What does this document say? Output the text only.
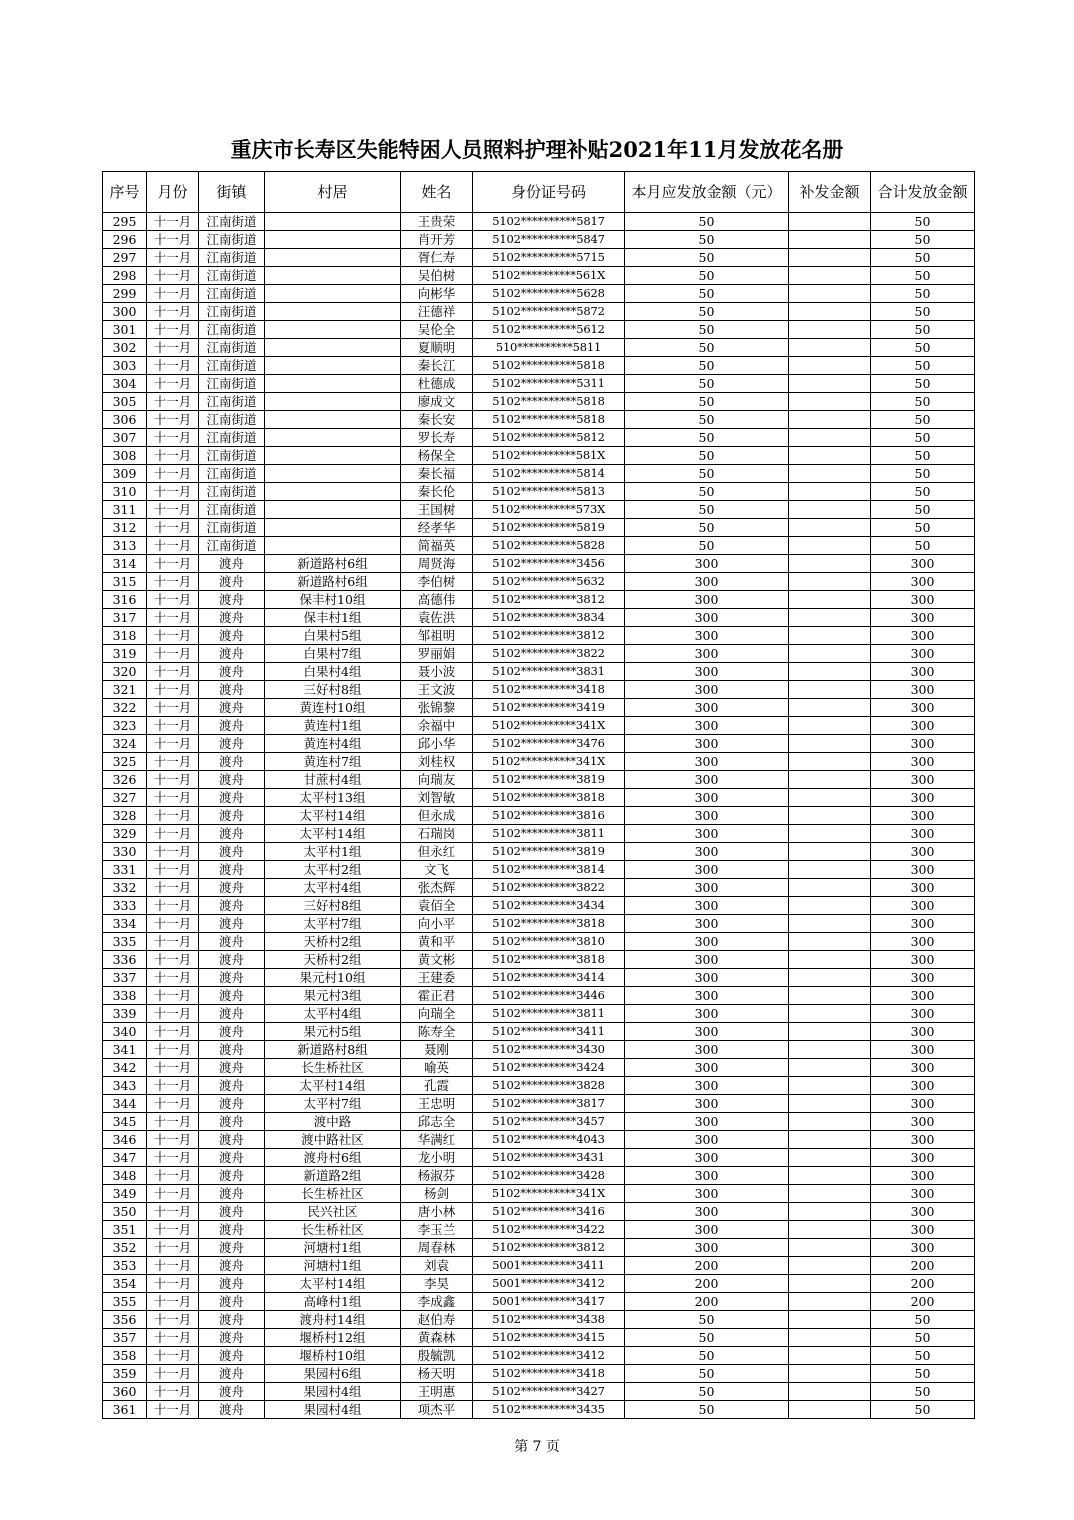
重庆市长寿区失能特困人员照料护理补贴2021年11月发放花名册
序号	月份	街镇	村居	姓名	身份证号码	本月应发放金额（元）	补发金额	合计发放金额
295	十一月	江南街道		王贵荣	5102**********5817	50		50
296	十一月	江南街道		肖开芳	5102**********5847	50		50
297	十一月	江南街道		胥仁寿	5102**********5715	50		50
298	十一月	江南街道		吴伯树	5102**********561X	50		50
299	十一月	江南街道		向彬华	5102**********5628	50		50
300	十一月	江南街道		汪德祥	5102**********5872	50		50
301	十一月	江南街道		吴伦全	5102**********5612	50		50
302	十一月	江南街道		夏顺明	510**********5811	50		50
303	十一月	江南街道		秦长江	5102**********5818	50		50
304	十一月	江南街道		杜德成	5102**********5311	50		50
305	十一月	江南街道		廖成文	5102**********5818	50		50
306	十一月	江南街道		秦长安	5102**********5818	50		50
307	十一月	江南街道		罗长寿	5102**********5812	50		50
308	十一月	江南街道		杨保全	5102**********581X	50		50
309	十一月	江南街道		秦长福	5102**********5814	50		50
310	十一月	江南街道		秦长伦	5102**********5813	50		50
311	十一月	江南街道		王国树	5102**********573X	50		50
312	十一月	江南街道		经孝华	5102**********5819	50		50
313	十一月	江南街道		简福英	5102**********5828	50		50
314	十一月	渡舟	新道路村6组	周贤海	5102**********3456	300		300
315	十一月	渡舟	新道路村6组	李伯树	5102**********5632	300		300
316	十一月	渡舟	保丰村10组	高德伟	5102**********3812	300		300
317	十一月	渡舟	保丰村1组	袁佐洪	5102**********3834	300		300
318	十一月	渡舟	白果村5组	邹祖明	5102**********3812	300		300
319	十一月	渡舟	白果村7组	罗丽娟	5102**********3822	300		300
320	十一月	渡舟	白果村4组	聂小波	5102**********3831	300		300
321	十一月	渡舟	三好村8组	王文波	5102**********3418	300		300
322	十一月	渡舟	黄连村10组	张锦黎	5102**********3419	300		300
323	十一月	渡舟	黄连村1组	余福中	5102**********341X	300		300
324	十一月	渡舟	黄连村4组	邱小华	5102**********3476	300		300
325	十一月	渡舟	黄连村7组	刘桂权	5102**********341X	300		300
326	十一月	渡舟	甘蔗村4组	向瑞友	5102**********3819	300		300
327	十一月	渡舟	太平村13组	刘智敏	5102**********3818	300		300
328	十一月	渡舟	太平村14组	但永成	5102**********3816	300		300
329	十一月	渡舟	太平村14组	石瑞岗	5102**********3811	300		300
330	十一月	渡舟	太平村1组	但永红	5102**********3819	300		300
331	十一月	渡舟	太平村2组	文飞	5102**********3814	300		300
332	十一月	渡舟	太平村4组	张杰辉	5102**********3822	300		300
333	十一月	渡舟	三好村8组	袁佰全	5102**********3434	300		300
334	十一月	渡舟	太平村7组	向小平	5102**********3818	300		300
335	十一月	渡舟	天桥村2组	黄和平	5102**********3810	300		300
336	十一月	渡舟	天桥村2组	黄文彬	5102**********3818	300		300
337	十一月	渡舟	果元村10组	王建委	5102**********3414	300		300
338	十一月	渡舟	果元村3组	霍正君	5102**********3446	300		300
339	十一月	渡舟	太平村4组	向瑞全	5102**********3811	300		300
340	十一月	渡舟	果元村5组	陈寿全	5102**********3411	300		300
341	十一月	渡舟	新道路村8组	聂刚	5102**********3430	300		300
342	十一月	渡舟	长生桥社区	喻英	5102**********3424	300		300
343	十一月	渡舟	太平村14组	孔霞	5102**********3828	300		300
344	十一月	渡舟	太平村7组	王忠明	5102**********3817	300		300
345	十一月	渡舟	渡中路	邱志全	5102**********3457	300		300
346	十一月	渡舟	渡中路社区	华满红	5102**********4043	300		300
347	十一月	渡舟	渡舟村6组	龙小明	5102**********3431	300		300
348	十一月	渡舟	新道路2组	杨淑芬	5102**********3428	300		300
349	十一月	渡舟	长生桥社区	杨剑	5102**********341X	300		300
350	十一月	渡舟	民兴社区	唐小林	5102**********3416	300		300
351	十一月	渡舟	长生桥社区	李玉兰	5102**********3422	300		300
352	十一月	渡舟	河塘村1组	周春林	5102**********3812	300		300
353	十一月	渡舟	河塘村1组	刘袁	5001**********3411	200		200
354	十一月	渡舟	太平村14组	李昊	5001**********3412	200		200
355	十一月	渡舟	高峰村1组	李成鑫	5001**********3417	200		200
356	十一月	渡舟	渡舟村14组	赵伯寿	5102**********3438	50		50
357	十一月	渡舟	堰桥村12组	黄森林	5102**********3415	50		50
358	十一月	渡舟	堰桥村10组	殷毓凯	5102**********3412	50		50
359	十一月	渡舟	果园村6组	杨天明	5102**********3418	50		50
360	十一月	渡舟	果园村4组	王明惠	5102**********3427	50		50
361	十一月	渡舟	果园村4组	项杰平	5102**********3435	50		50
第 7 页
